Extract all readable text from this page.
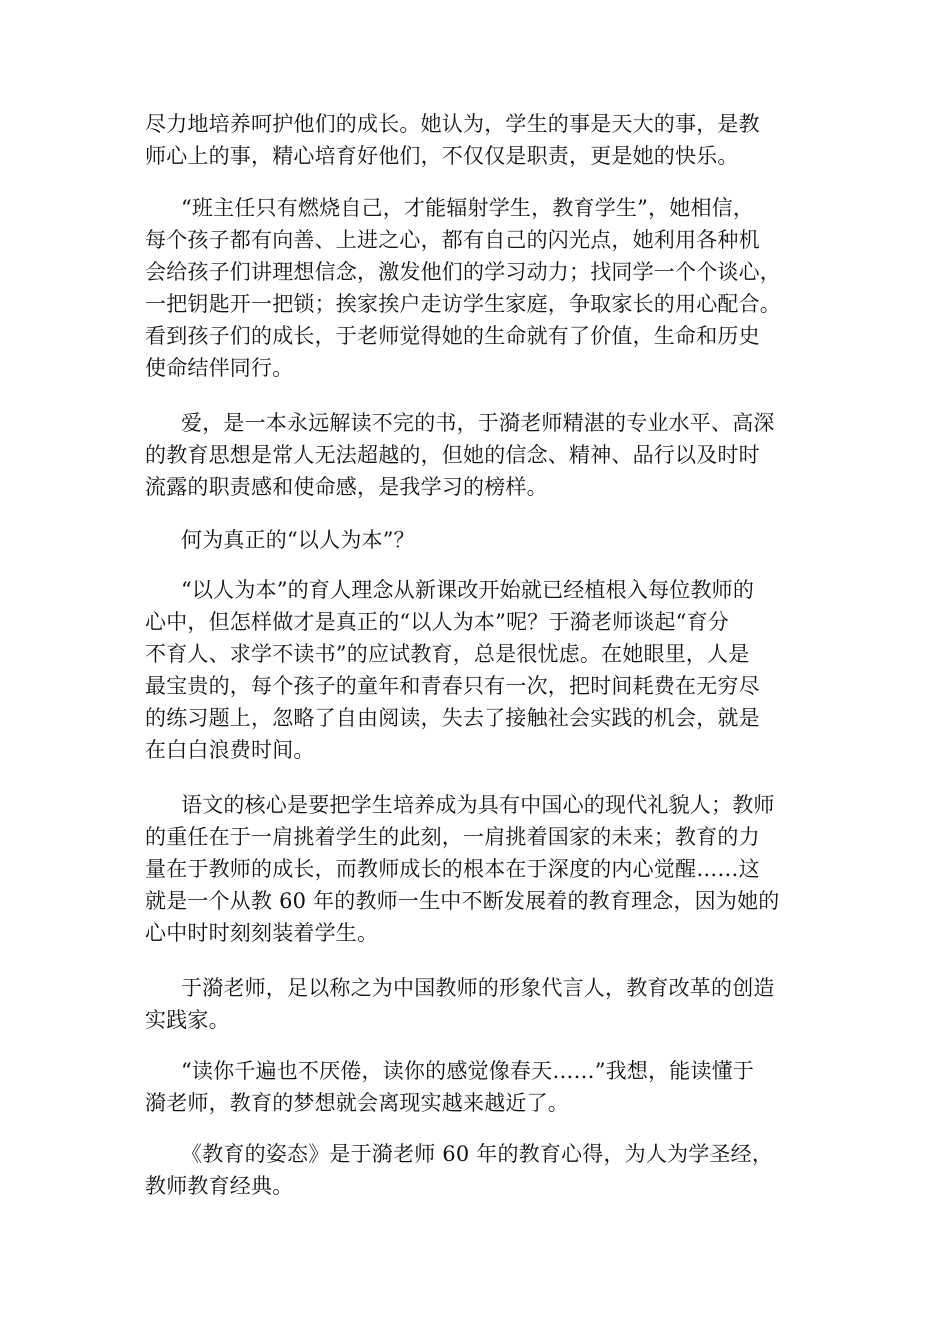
尽力地培养呵护他们的成长。她认为，学生的事是天大的事，是教
师心上的事，精心培育好他们，不仅仅是职责，更是她的快乐。
“班主任只有燃烧自己，才能辐射学生，教育学生”，她相信，
每个孩子都有向善、上进之心，都有自己的闪光点，她利用各种机
会给孩子们讲理想信念，激发他们的学习动力；找同学一个个谈心，
一把钥匙开一把锁；挨家挨户走访学生家庭，争取家长的用心配合。
看到孩子们的成长，于老师觉得她的生命就有了价值，生命和历史
使命结伴同行。
爱，是一本永远解读不完的书，于漪老师精湛的专业水平、高深
的教育思想是常人无法超越的，但她的信念、精神、品行以及时时
流露的职责感和使命感，是我学习的榜样。
何为真正的“以人为本”？
“以人为本”的育人理念从新课改开始就已经植根入每位教师的
心中，但怎样做才是真正的“以人为本”呢？于漪老师谈起“育分
不育人、求学不读书”的应试教育，总是很忧虑。在她眼里，人是
最宝贵的，每个孩子的童年和青春只有一次，把时间耗费在无穷尽
的练习题上，忽略了自由阅读，失去了接触社会实践的机会，就是
在白白浪费时间。
语文的核心是要把学生培养成为具有中国心的现代礼貌人；教师
的重任在于一肩挑着学生的此刻，一肩挑着国家的未来；教育的力
量在于教师的成长，而教师成长的根本在于深度的内心觉醒……这
就是一个从教 60 年的教师一生中不断发展着的教育理念，因为她的
心中时时刻刻装着学生。
于漪老师，足以称之为中国教师的形象代言人，教育改革的创造
实践家。
“读你千遍也不厌倦，读你的感觉像春天……”我想，能读懂于
漪老师，教育的梦想就会离现实越来越近了。
《教育的姿态》是于漪老师 60 年的教育心得，为人为学圣经，
教师教育经典。
